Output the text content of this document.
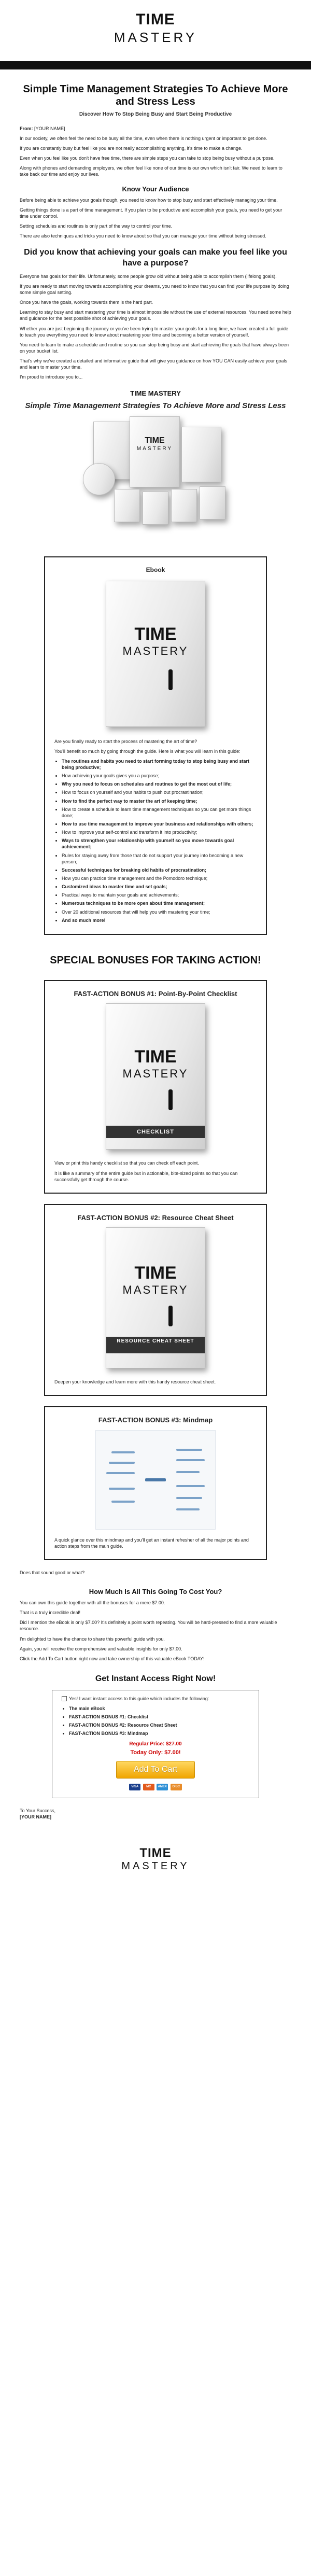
TIME
MASTERY
Simple Time Management Strategies To Achieve More and Stress Less
Discover How To Stop Being Busy and Start Being Productive

From: [YOUR NAME]

In our society, we often feel the need to be busy all the time, even when there is nothing urgent or important to get done.

If you are constantly busy but feel like you are not really accomplishing anything, it's time to make a change.

Even when you feel like you don't have free time, there are simple steps you can take to stop being busy without a purpose.

Along with phones and demanding employers, we often feel like none of our time is our own which isn't fair. We need to learn to take back our time and enjoy our lives.

Know Your Audience

Before being able to achieve your goals though, you need to know how to stop busy and start effectively managing your time.

Getting things done is a part of time management. If you plan to be productive and accomplish your goals, you need to get your time under control.

Setting schedules and routines is only part of the way to control your time.

There are also techniques and tricks you need to know about so that you can manage your time without being stressed.

Did you know that achieving your goals can make you feel like you have a purpose?

Everyone has goals for their life. Unfortunately, some people grow old without being able to accomplish them (lifelong goals).

If you are ready to start moving towards accomplishing your dreams, you need to know that you can find your life purpose by doing some simple goal setting.

Once you have the goals, working towards them is the hard part.

Learning to stay busy and start mastering your time is almost impossible without the use of external resources. You need some help and guidance for the best possible shot of achieving your goals.

Whether you are just beginning the journey or you've been trying to master your goals for a long time, we have created a full guide to teach you everything you need to know about mastering your time and becoming a better version of yourself.

You need to learn to make a schedule and routine so you can stop being busy and start achieving the goals that have always been on your bucket list.

That's why we've created a detailed and informative guide that will give you guidance on how YOU CAN easily achieve your goals and learn to master your time.

I'm proud to introduce you to...

TIME MASTERY
Simple Time Management Strategies To Achieve More and Stress Less
TIME
MASTERY
Ebook
TIME
MASTERY

Are you finally ready to start the process of mastering the art of time?

You'll benefit so much by going through the guide. Here is what you will learn in this guide:

• The routines and habits you need to start forming today to stop being busy and start being productive;
• How achieving your goals gives you a purpose;
• Why you need to focus on schedules and routines to get the most out of life;
• How to focus on yourself and your habits to push out procrastination;
• How to find the perfect way to master the art of keeping time;
• How to create a schedule to learn time management techniques so you can get more things done;
• How to use time management to improve your business and relationships with others;
• How to improve your self-control and transform it into productivity;
• Ways to strengthen your relationship with yourself so you move towards goal achievement;
• Rules for staying away from those that do not support your journey into becoming a new person;
• Successful techniques for breaking old habits of procrastination;
• How you can practice time management and the Pomodoro technique;
• Customized ideas to master time and set goals;
• Practical ways to maintain your goals and achievements;
• Numerous techniques to be more open about time management;
• Over 20 additional resources that will help you with mastering your time;
• And so much more!
SPECIAL BONUSES FOR TAKING ACTION!
FAST-ACTION BONUS #1: Point-By-Point Checklist
TIME
MASTERY
CHECKLIST

View or print this handy checklist so that you can check off each point.

It is like a summary of the entire guide but in actionable, bite-sized points so that you can successfully get through the course.

FAST-ACTION BONUS #2: Resource Cheat Sheet
TIME
MASTERY
RESOURCE CHEAT SHEET

Deepen your knowledge and learn more with this handy resource cheat sheet.

FAST-ACTION BONUS #3: Mindmap

A quick glance over this mindmap and you'll get an instant refresher of all the major points and action steps from the main guide.

Does that sound good or what?

How Much Is All This Going To Cost You?

You can own this guide together with all the bonuses for a mere $7.00.

That is a truly incredible deal!

Did I mention the eBook is only $7.00? It's definitely a point worth repeating. You will be hard-pressed to find a more valuable resource.

I'm delighted to have the chance to share this powerful guide with you.

Again, you will receive the comprehensive and valuable insights for only $7.00.

Click the Add To Cart button right now and take ownership of this valuable eBook TODAY!

Get Instant Access Right Now!

Yes! I want instant access to this guide which includes the following:

• The main eBook
• FAST-ACTION BONUS #1: Checklist
• FAST-ACTION BONUS #2: Resource Cheat Sheet
• FAST-ACTION BONUS #3: Mindmap
Regular Price: $27.00
Today Only: $7.00!
Add To Cart
VISA MC AMEX DISC

To Your Success,

[YOUR NAME]

TIME
MASTERY
